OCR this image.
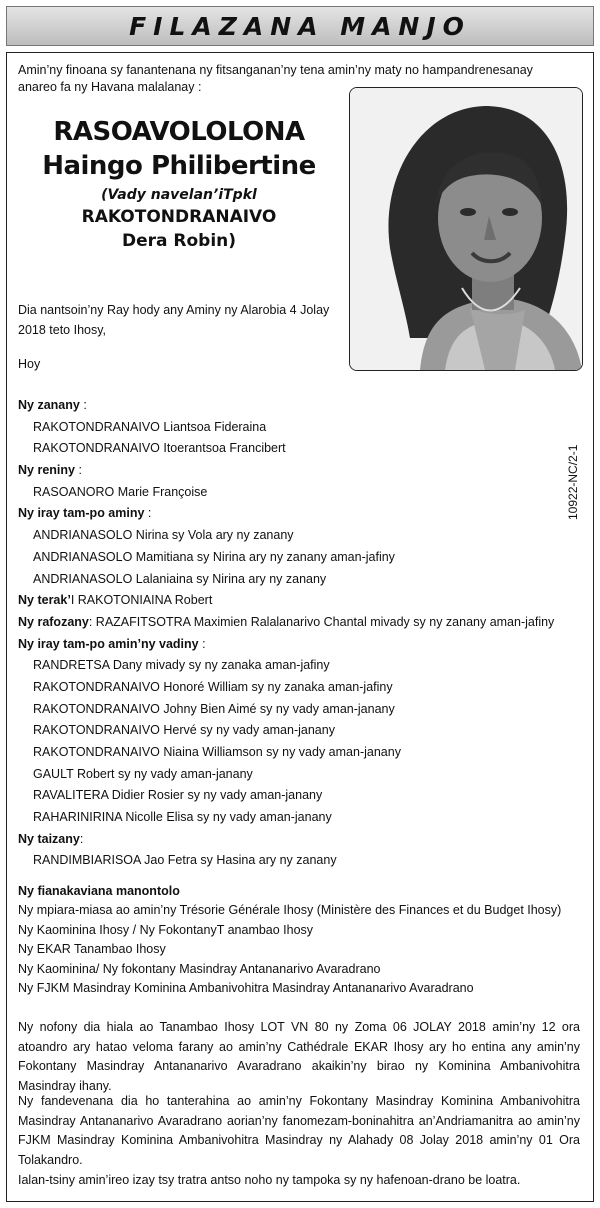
FILAZANA MANJO
Amin’ny finoana sy fanantenana ny fitsanganan’ny tena amin’ny maty no hampandrenesanay anareo fa ny Havana malalanay :
RASOAVOLOLONA
Haingo Philibertine
(Vady navelan’iTpkl
RAKOTONDRANAIVO
Dera Robin)
Dia nantsoin’ny Ray hody any Aminy ny Alarobia 4 Jolay 2018 teto Ihosy,
Hoy
10922-NC/2-1
Ny zanany :
RAKOTONDRANAIVO Liantsoa Fideraina
RAKOTONDRANAIVO Itoerantsoa Francibert
Ny reniny :
RASOANORO Marie Françoise
Ny iray tam-po aminy :
ANDRIANASOLO Nirina sy Vola ary ny zanany
ANDRIANASOLO Mamitiana sy Nirina ary ny zanany aman-jafiny
ANDRIANASOLO Lalaniaina sy Nirina ary ny zanany
Ny terak’I RAKOTONIAINA Robert
Ny rafozany: RAZAFITSOTRA Maximien Ralalanarivo Chantal mivady sy ny zanany aman-jafiny
Ny iray tam-po amin’ny vadiny :
RANDRETSA Dany mivady sy ny zanaka aman-jafiny
RAKOTONDRANAIVO Honoré William sy ny zanaka aman-jafiny
RAKOTONDRANAIVO Johny Bien Aimé sy ny vady aman-janany
RAKOTONDRANAIVO Hervé sy ny vady aman-janany
RAKOTONDRANAIVO Niaina Williamson sy ny vady aman-janany
GAULT Robert sy ny vady aman-janany
RAVALITERA Didier Rosier sy ny vady aman-janany
RAHARINIRINA Nicolle Elisa sy ny vady aman-janany
Ny taizany:
RANDIMBIARISOA Jao Fetra sy Hasina ary ny zanany
Ny fianakaviana manontolo
Ny mpiara-miasa ao amin’ny Trésorie Générale Ihosy (Ministère des Finances et du Budget Ihosy)
Ny Kaominina Ihosy / Ny FokontanyT anambao Ihosy
Ny EKAR Tanambao Ihosy
Ny Kaominina/ Ny fokontany Masindray Antananarivo Avaradrano
Ny FJKM Masindray Kominina Ambanivohitra Masindray Antananarivo Avaradrano
Ny nofony dia hiala ao Tanambao Ihosy LOT VN 80 ny Zoma 06 JOLAY 2018 amin’ny 12 ora atoandro ary hatao veloma farany ao amin’ny Cathédrale EKAR Ihosy ary ho entina any amin’ny Fokontany Masindray Antananarivo Avaradrano akaikin’ny birao ny Kominina Ambanivohitra Masindray ihany.
Ny fandevenana dia ho tanterahina ao amin’ny Fokontany Masindray Kominina Ambanivohitra Masindray Antananarivo Avaradrano aorian’ny fanomezam-boninahitra an’Andriamanitra ao amin’ny FJKM Masindray Kominina Ambanivohitra Masindray ny Alahady 08 Jolay 2018 amin’ny 01 Ora Tolakandro.
Ialan-tsiny amin’ireo izay tsy tratra antso noho ny tampoka sy ny hafenoan-drano be loatra.
